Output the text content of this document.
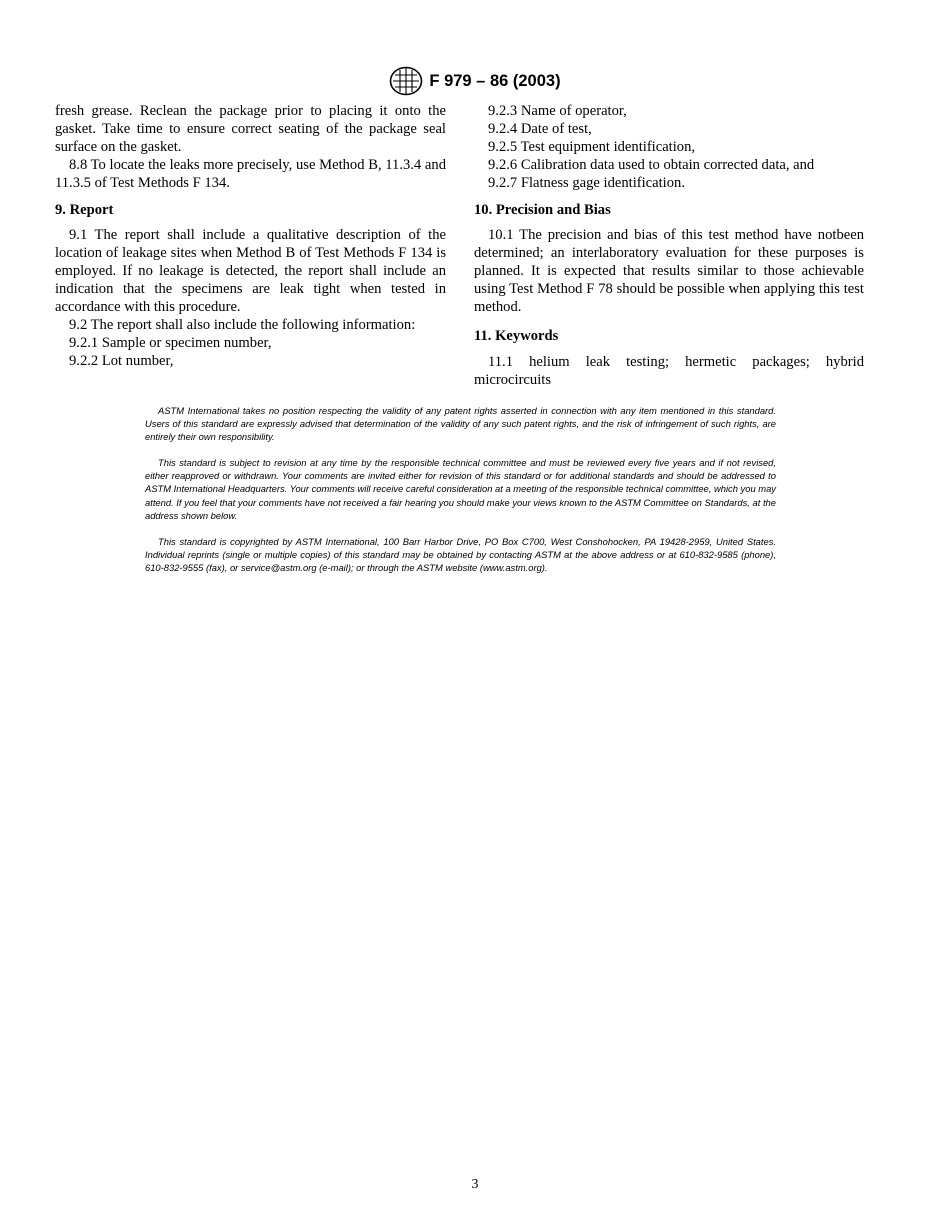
F 979 – 86 (2003)

fresh grease. Reclean the package prior to placing it onto the gasket. Take time to ensure correct seating of the package seal surface on the gasket.

8.8 To locate the leaks more precisely, use Method B, 11.3.4 and 11.3.5 of Test Methods F 134.

9. Report

9.1 The report shall include a qualitative description of the location of leakage sites when Method B of Test Methods F 134 is employed. If no leakage is detected, the report shall include an indication that the specimens are leak tight when tested in accordance with this procedure.

9.2 The report shall also include the following information:

9.2.1 Sample or specimen number,

9.2.2 Lot number,

9.2.3 Name of operator,

9.2.4 Date of test,

9.2.5 Test equipment identification,

9.2.6 Calibration data used to obtain corrected data, and

9.2.7 Flatness gage identification.

10. Precision and Bias

10.1 The precision and bias of this test method have notbeen determined; an interlaboratory evaluation for these purposes is planned. It is expected that results similar to those achievable using Test Method F 78 should be possible when applying this test method.

11. Keywords

11.1 helium leak testing; hermetic packages; hybrid microcircuits

ASTM International takes no position respecting the validity of any patent rights asserted in connection with any item mentioned in this standard. Users of this standard are expressly advised that determination of the validity of any such patent rights, and the risk of infringement of such rights, are entirely their own responsibility.

This standard is subject to revision at any time by the responsible technical committee and must be reviewed every five years and if not revised, either reapproved or withdrawn. Your comments are invited either for revision of this standard or for additional standards and should be addressed to ASTM International Headquarters. Your comments will receive careful consideration at a meeting of the responsible technical committee, which you may attend. If you feel that your comments have not received a fair hearing you should make your views known to the ASTM Committee on Standards, at the address shown below.

This standard is copyrighted by ASTM International, 100 Barr Harbor Drive, PO Box C700, West Conshohocken, PA 19428-2959, United States. Individual reprints (single or multiple copies) of this standard may be obtained by contacting ASTM at the above address or at 610-832-9585 (phone), 610-832-9555 (fax), or service@astm.org (e-mail); or through the ASTM website (www.astm.org).

3
